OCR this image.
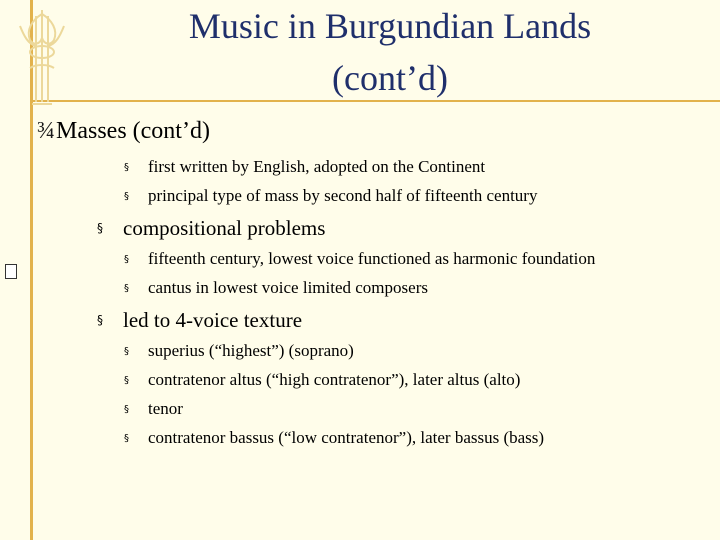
Music in Burgundian Lands
(cont’d)
¾Masses (cont’d)
§ first written by English, adopted on the Continent
§ principal type of mass by second half of fifteenth century
§ compositional problems
§ fifteenth century, lowest voice functioned as harmonic foundation
§ cantus in lowest voice limited composers
§ led to 4-voice texture
§ superius (“highest”) (soprano)
§ contratenor altus (“high contratenor”), later altus (alto)
§ tenor
§ contratenor bassus (“low contratenor”), later bassus (bass)
